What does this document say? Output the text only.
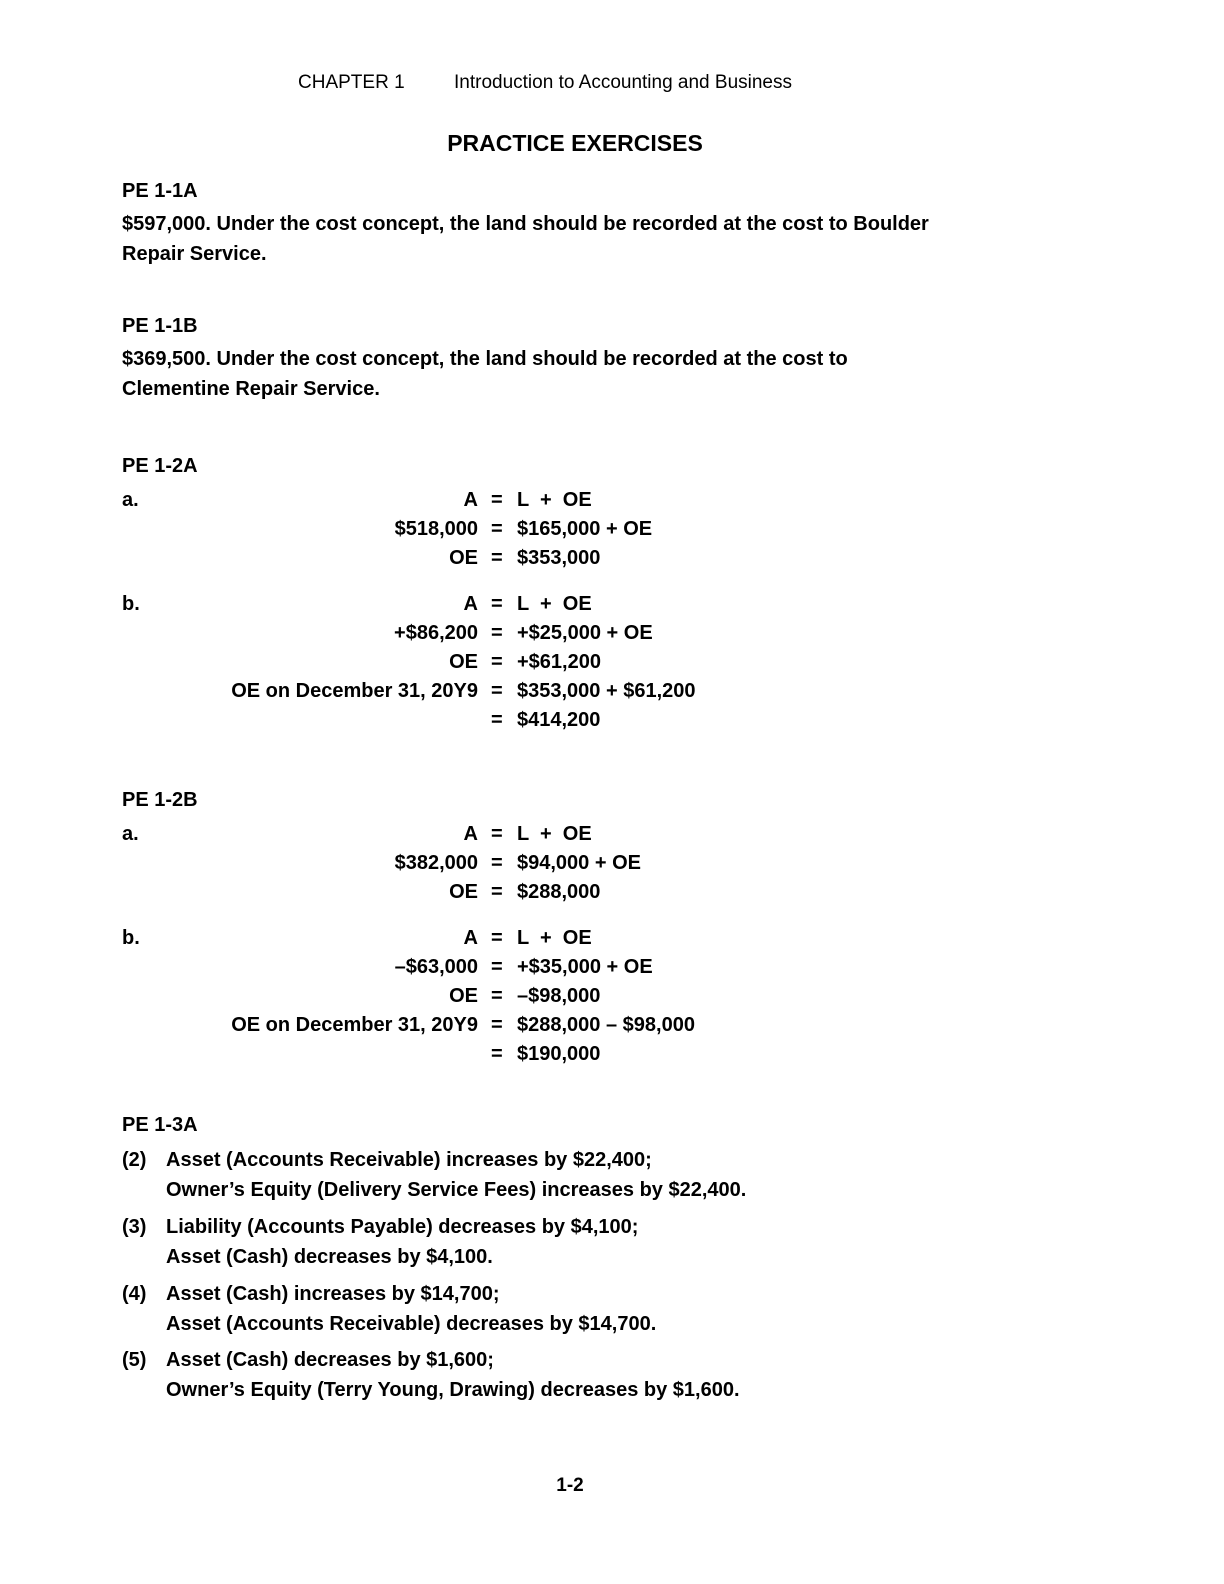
CHAPTER 1	Introduction to Accounting and Business
PRACTICE EXERCISES
PE 1-1A
$597,000. Under the cost concept, the land should be recorded at the cost to Boulder
Repair Service.
PE 1-1B
$369,500. Under the cost concept, the land should be recorded at the cost to
Clementine Repair Service.
PE 1-2A
a.	A = L  +  OE
$518,000 = $165,000 + OE
OE = $353,000
b.	A = L  +  OE
+$86,200 = +$25,000 + OE
OE = +$61,200
OE on December 31, 20Y9 = $353,000 + $61,200
= $414,200
PE 1-2B
a.	A = L  +  OE
$382,000 = $94,000 + OE
OE = $288,000
b.	A = L  +  OE
–$63,000 = +$35,000 + OE
OE = –$98,000
OE on December 31, 20Y9 = $288,000 – $98,000
= $190,000
PE 1-3A
(2) Asset (Accounts Receivable) increases by $22,400;
Owner’s Equity (Delivery Service Fees) increases by $22,400.
(3) Liability (Accounts Payable) decreases by $4,100;
Asset (Cash) decreases by $4,100.
(4) Asset (Cash) increases by $14,700;
Asset (Accounts Receivable) decreases by $14,700.
(5) Asset (Cash) decreases by $1,600;
Owner’s Equity (Terry Young, Drawing) decreases by $1,600.
1-2
